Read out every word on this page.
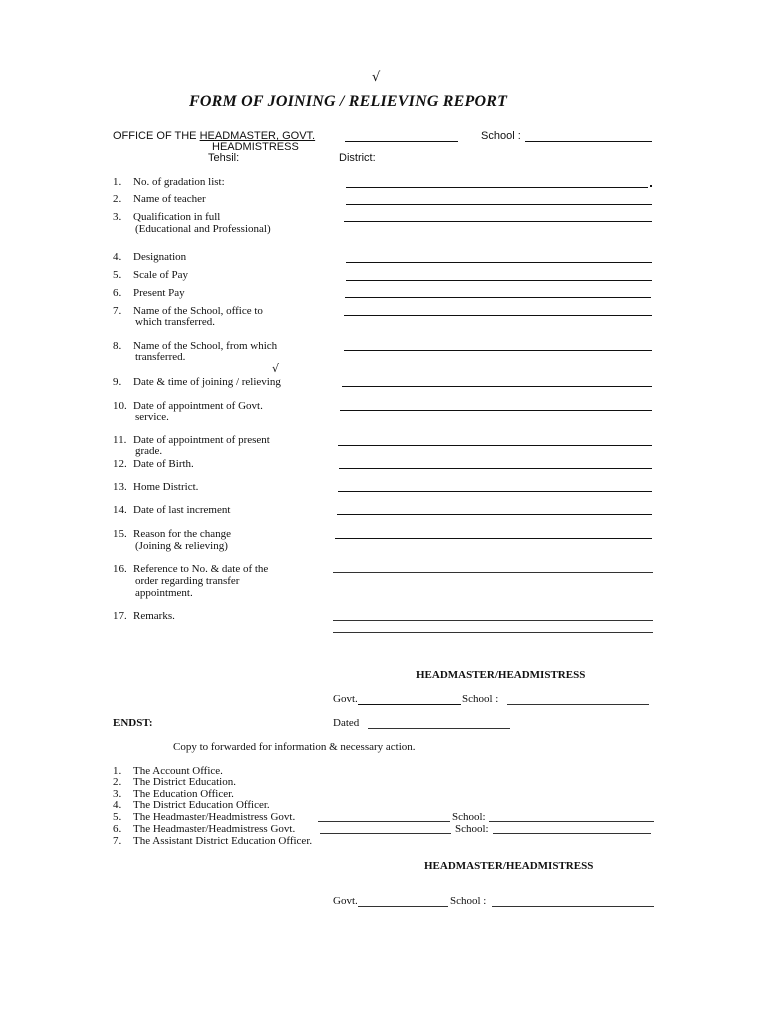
√
FORM OF JOINING / RELIEVING REPORT
OFFICE OF THE HEADMASTER, GOVT.	School :
HEADMISTRESS
Tehsil:	District:
1. No. of gradation list:
2. Name of teacher
3. Qualification in full
(Educational and Professional)
4. Designation
5. Scale of Pay
6. Present Pay
7. Name of the School, office to
which transferred.
8. Name of the School, from which
transferred.
√
9. Date & time of joining / relieving
10. Date of appointment of Govt.
service.
11. Date of appointment of present
grade.
12. Date of Birth.
13. Home District.
14. Date of last increment
15. Reason for the change
(Joining & relieving)
16. Reference to No. & date of the
order regarding transfer
appointment.
17. Remarks.
HEADMASTER/HEADMISTRESS
Govt.	School :
ENDST:	Dated
Copy to forwarded for information & necessary action.
1. The Account Office.
2. The District Education.
3. The Education Officer.
4. The District Education Officer.
5. The Headmaster/Headmistress Govt.	School:
6. The Headmaster/Headmistress Govt.	School:
7. The Assistant District Education Officer.
HEADMASTER/HEADMISTRESS
Govt.	School :
